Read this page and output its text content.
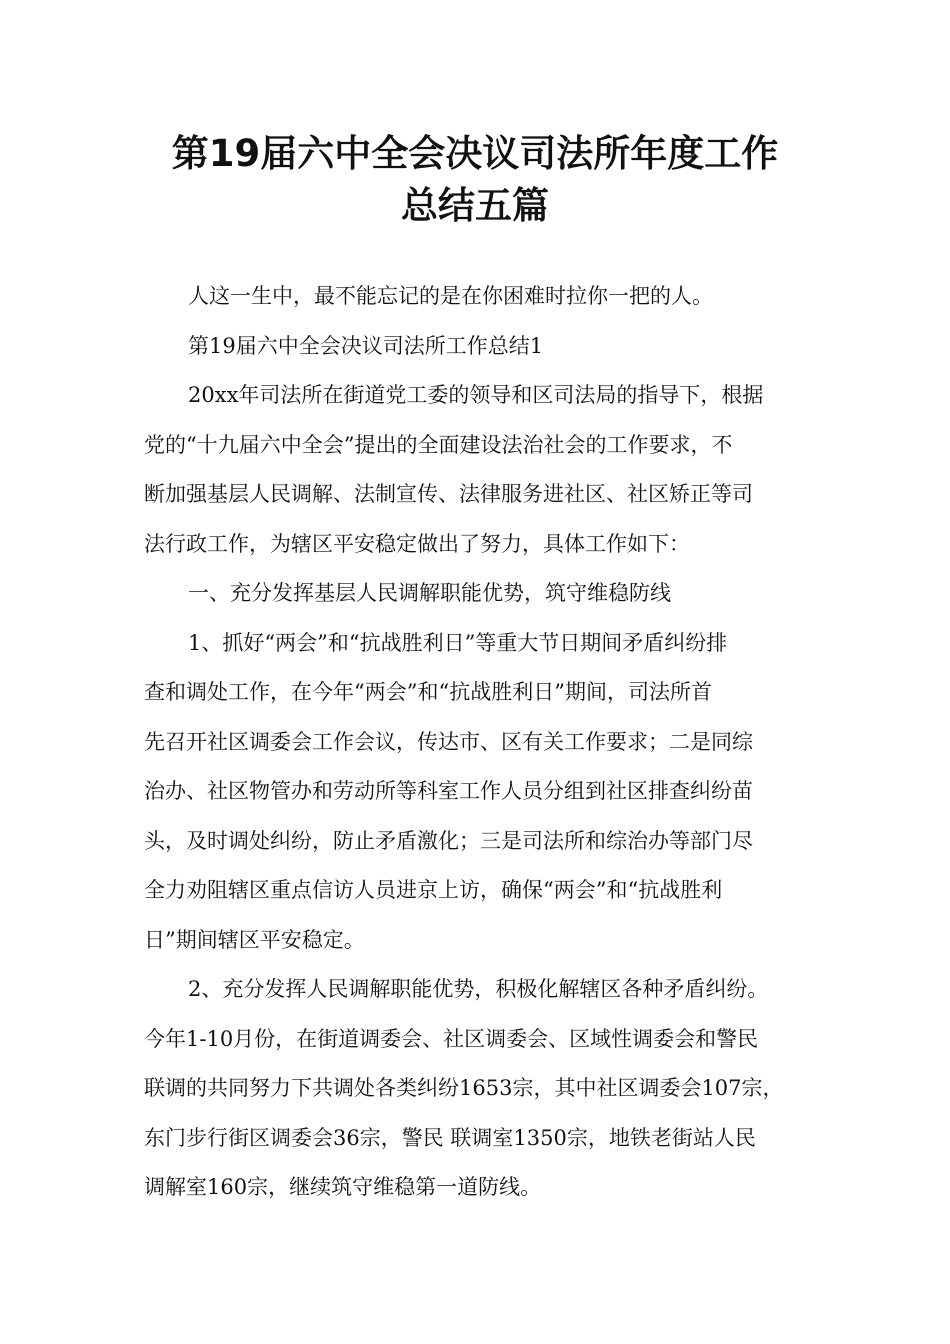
第19届六中全会决议司法所年度工作
总结五篇
人这一生中，最不能忘记的是在你困难时拉你一把的人。
第19届六中全会决议司法所工作总结1
20xx年司法所在街道党工委的领导和区司法局的指导下，根据
党的“十九届六中全会”提出的全面建设法治社会的工作要求，不
断加强基层人民调解、法制宣传、法律服务进社区、社区矫正等司
法行政工作，为辖区平安稳定做出了努力，具体工作如下：
一、充分发挥基层人民调解职能优势，筑守维稳防线
1、抓好“两会”和“抗战胜利日”等重大节日期间矛盾纠纷排
查和调处工作，在今年“两会”和“抗战胜利日”期间，司法所首
先召开社区调委会工作会议，传达市、区有关工作要求；二是同综
治办、社区物管办和劳动所等科室工作人员分组到社区排查纠纷苗
头，及时调处纠纷，防止矛盾激化；三是司法所和综治办等部门尽
全力劝阻辖区重点信访人员进京上访，确保“两会”和“抗战胜利
日”期间辖区平安稳定。
2、充分发挥人民调解职能优势，积极化解辖区各种矛盾纠纷。
今年1-10月份，在街道调委会、社区调委会、区域性调委会和警民
联调的共同努力下共调处各类纠纷1653宗，其中社区调委会107宗，
东门步行街区调委会36宗，警民 联调室1350宗，地铁老街站人民
调解室160宗，继续筑守维稳第一道防线。
